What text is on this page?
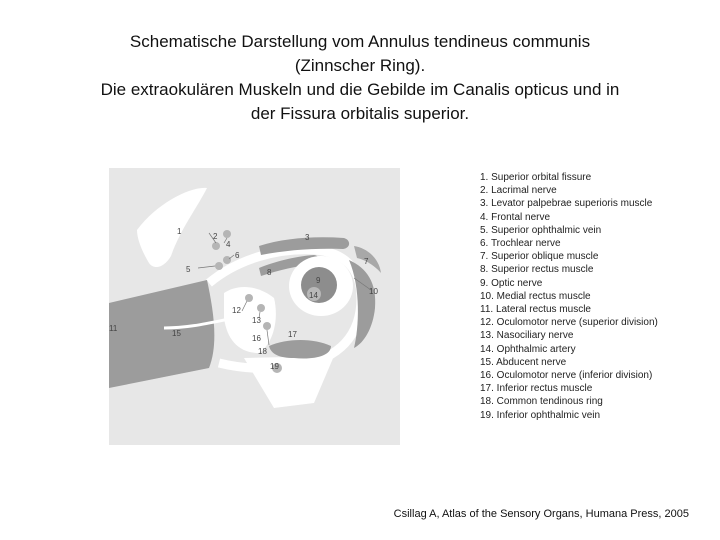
Schematische Darstellung vom Annulus tendineus communis
(Zinnscher Ring).
Die extraokulären Muskeln und die Gebilde im Canalis opticus und in
der Fissura orbitalis superior.
1
2	3
4
5
6
7
8
9
10
11
12
13
14
15
16	17
18
19
1. Superior orbital fissure
2. Lacrimal nerve
3. Levator palpebrae superioris muscle
4. Frontal nerve
5. Superior ophthalmic vein
6. Trochlear nerve
7. Superior oblique muscle
8. Superior rectus muscle
9. Optic nerve
10. Medial rectus muscle
11. Lateral rectus muscle
12. Oculomotor nerve (superior division)
13. Nasociliary nerve
14. Ophthalmic artery
15. Abducent nerve
16. Oculomotor nerve (inferior division)
17. Inferior rectus muscle
18. Common tendinous ring
19. Inferior ophthalmic vein
Csillag A, Atlas of the Sensory Organs, Humana Press, 2005
